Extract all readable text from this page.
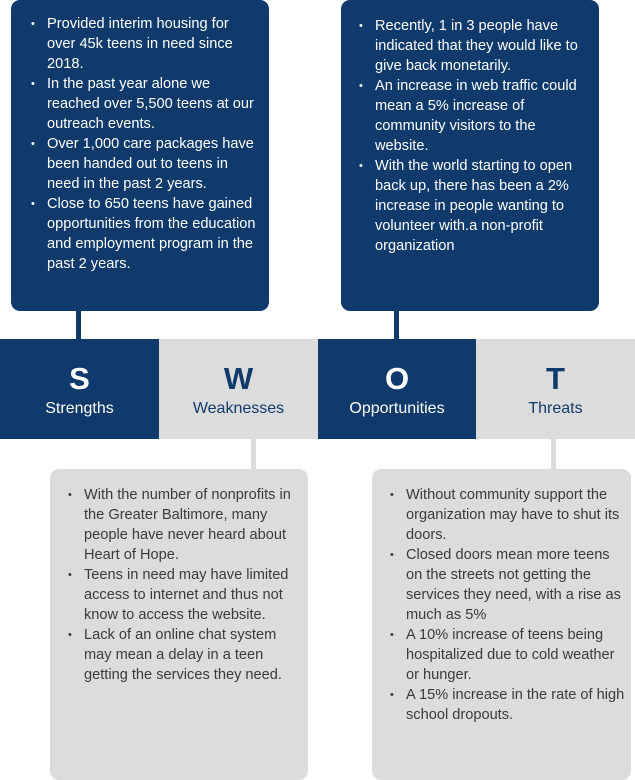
• Provided interim housing for over 45k teens in need since 2018.
• In the past year alone we reached over 5,500 teens at our outreach events.
• Over 1,000 care packages have been handed out to teens in need in the past 2 years.
• Close to 650 teens have gained opportunities from the education and employment program in the past 2 years.
• Recently, 1 in 3 people have indicated that they would like to give back monetarily.
• An increase in web traffic could mean a 5% increase of community visitors to the website.
• With the world starting to open back up, there has been a 2% increase in people wanting to volunteer with.a non-profit organization
S
Strengths
W
Weaknesses
O
Opportunities
T
Threats
• With the number of nonprofits in the Greater Baltimore, many people have never heard about Heart of Hope.
• Teens in need may have limited access to internet and thus not know to access the website.
• Lack of an online chat system may mean a delay in a teen getting the services they need.
• Without community support the organization may have to shut its doors.
• Closed doors mean more teens on the streets not getting the services they need, with a rise as much as 5%
• A 10% increase of teens being hospitalized due to cold weather or hunger.
• A 15% increase in the rate of high school dropouts.
